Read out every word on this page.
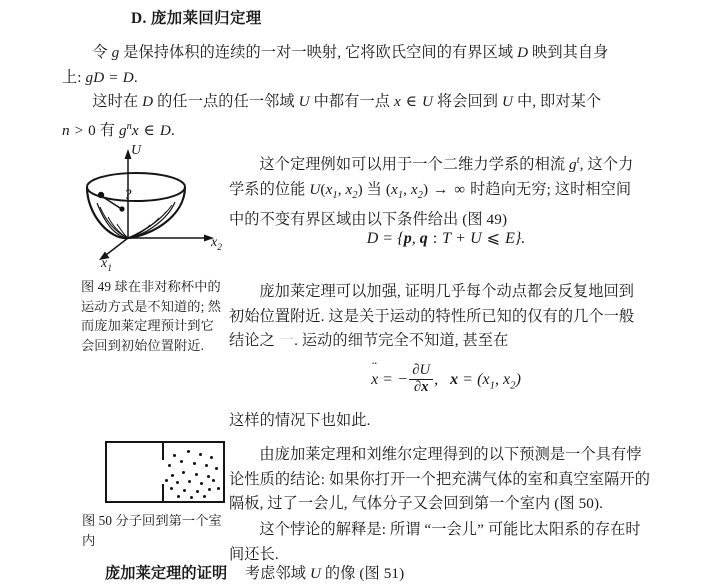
D. 庞加莱回归定理
令 g 是保持体积的连续的一对一映射, 它将欧氏空间的有界区域 D 映到其自身
上: gD = D.
这时在 D 的任一点的任一邻域 U 中都有一点 x ∈ U 将会回到 U 中, 即对某个
n > 0 有 $g^nx$ ∈ D.
?
U
$x_2$
$x_1$
图 49 球在非对称杯中的运动方式是不知道的; 然而庞加莱定理预计到它会回到初始位置附近.
这个定理例如可以用于一个二维力学系的相流 $g^t$, 这个力
学系的位能 $U(x_1$, $x_2$) 当 ($x_1$, $x_2$) → ∞ 时趋向无穷; 这时相空间
中的不变有界区域由以下条件给出 (图 49)
D = {p, q : T + U ⩽ E}.
庞加莱定理可以加强, 证明几乎每个动点都会反复地回到
初始位置附近. 这是关于运动的特性所已知的仅有的几个一般
结论之 一. 运动的细节完全不知道, 甚至在
x ¨ = − $\frac{\partial U}{\partial x}$ ,   $x = (x_1$, $x_2$)
这样的情况下也如此.
图 50 分子回到第一个室内
由庞加莱定理和刘维尔定理得到的以下预测是一个具有悖
论性质的结论: 如果你打开一个把充满气体的室和真空室隔开的
隔板, 过了一会儿, 气体分子又会回到第一个室内 (图 50).
这个悖论的解释是: 所谓 “一会儿” 可能比太阳系的存在时
间还长.
庞加莱定理的证明 考虑邻域 U 的像 (图 51)
